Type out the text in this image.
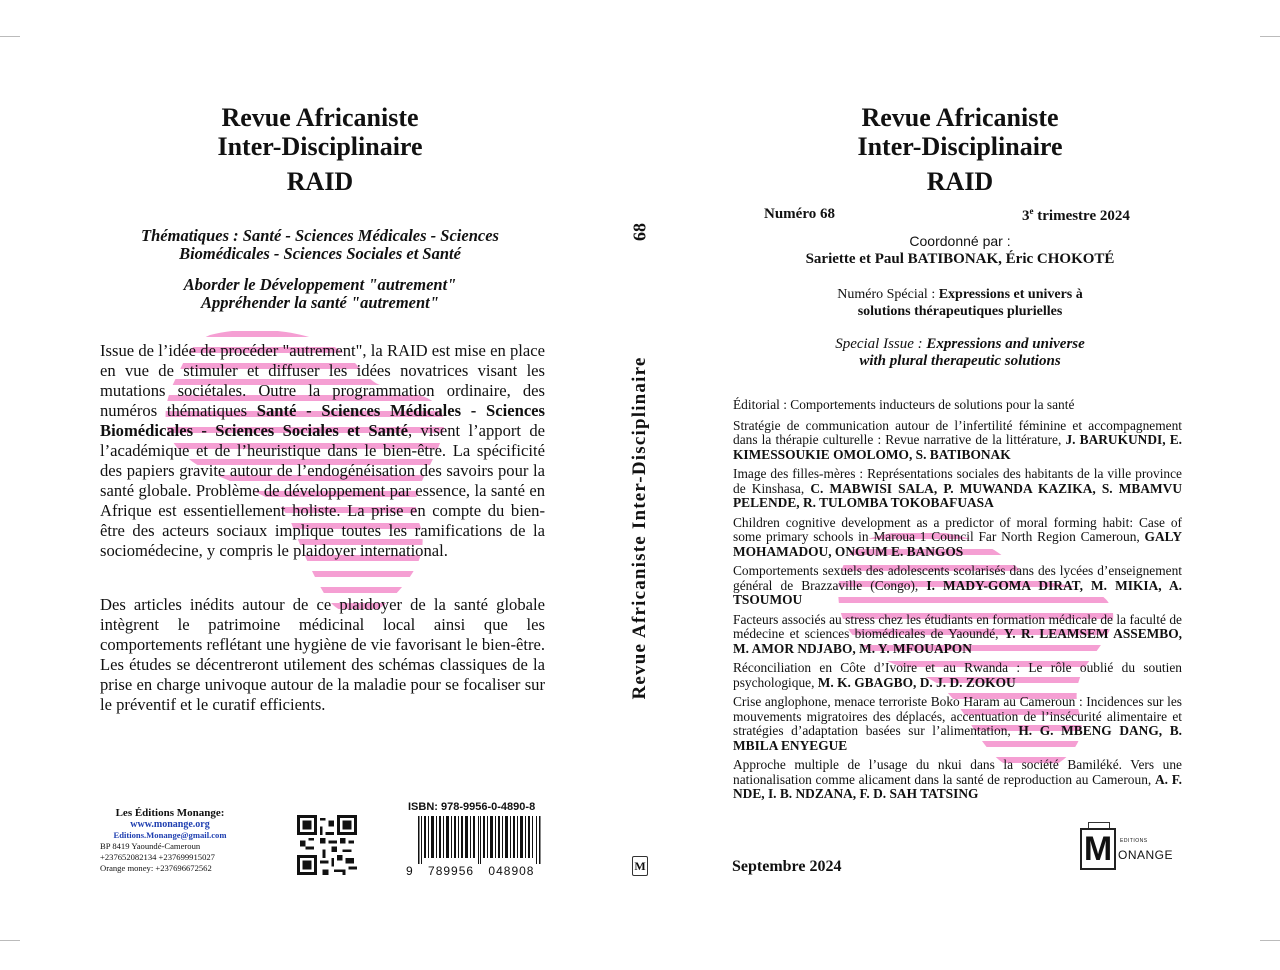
Revue Africaniste
Inter-Disciplinaire
RAID
Thématiques : Santé - Sciences Médicales - Sciences
Biomédicales - Sciences Sociales et Santé
Aborder le Développement "autrement"
Appréhender la santé "autrement"
Issue de l’idée de procéder "autrement", la RAID est mise en place en vue de stimuler et diffuser les idées novatrices visant les mutations sociétales. Outre la programmation ordinaire, des numéros thématiques Santé - Sciences Médicales - Sciences Biomédicales - Sciences Sociales et Santé, visent l’apport de l’académique et de l’heuristique dans le bien-être. La spécificité des papiers gravite autour de l’endogénéisation des savoirs pour la santé globale. Problème de développement par essence, la santé en Afrique est essentiellement holiste. La prise en compte du bien-être des acteurs sociaux implique toutes les ramifications de la sociomédecine, y compris le plaidoyer international.
Des articles inédits autour de ce plaidoyer de la santé globale intègrent le patrimoine médicinal local ainsi que les comportements reflétant une hygiène de vie favorisant le bien-être. Les études se décentreront utilement des schémas classiques de la prise en charge univoque autour de la maladie pour se focaliser sur le préventif et le curatif efficients.
Les Éditions Monange:
www.monange.org
Editions.Monange@gmail.com
BP 8419 Yaoundé-Cameroun
+237652082134 +237699915027
Orange money: +237696672562
ISBN: 978-9956-0-4890-8
9 789956 048908
Revue Africaniste Inter-Disciplinaire
68
M
Revue Africaniste
Inter-Disciplinaire
RAID
Numéro 68	3e trimestre 2024
Coordonné par :
Sariette et Paul BATIBONAK, Éric CHOKOTÉ
Numéro Spécial : Expressions et univers à
solutions thérapeutiques plurielles
Special Issue : Expressions and universe
with plural therapeutic solutions
Éditorial : Comportements inducteurs de solutions pour la santé
Stratégie de communication autour de l’infertilité féminine et accompagnement dans la thérapie culturelle : Revue narrative de la littérature, J. BARUKUNDI, E. KIMESSOUKIE OMOLOMO, S. BATIBONAK
Image des filles-mères : Représentations sociales des habitants de la ville province de Kinshasa, C. MABWISI SALA, P. MUWANDA KAZIKA, S. MBAMVU PELENDE, R. TULOMBA TOKOBAFUASA
Children cognitive development as a predictor of moral forming habit: Case of some primary schools in Maroua 1 Council Far North Region Cameroun, GALY MOHAMADOU, ONGUM E. BANGOS
Comportements sexuels des adolescents scolarisés dans des lycées d’enseignement général de Brazzaville (Congo), I. MADY-GOMA DIRAT, M. MIKIA, A. TSOUMOU
Facteurs associés au stress chez les étudiants en formation médicale de la faculté de médecine et sciences biomédicales de Yaoundé, Y. R. LEAMSEM ASSEMBO, M. AMOR NDJABO, M. Y. MFOUAPON
Réconciliation en Côte d’Ivoire et au Rwanda : Le rôle oublié du soutien psychologique, M. K. GBAGBO, D. J. D. ZOKOU
Crise anglophone, menace terroriste Boko Haram au Cameroun : Incidences sur les mouvements migratoires des déplacés, accentuation de l’insécurité alimentaire et stratégies d’adaptation basées sur l’alimentation, H. G. MBENG DANG, B. MBILA ENYEGUE
Approche multiple de l’usage du nkui dans la société Bamiléké. Vers une nationalisation comme alicament dans la santé de reproduction au Cameroun, A. F. NDE, I. B. NDZANA, F. D. SAH TATSING
Septembre 2024	M ONANGE
EDITIONS
